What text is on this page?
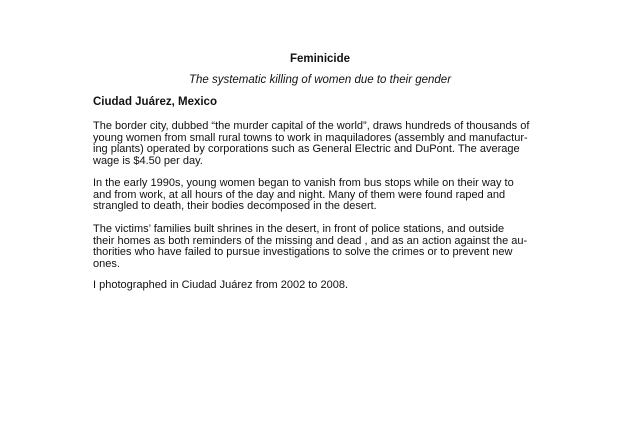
Feminicide
The systematic killing of women due to their gender
Ciudad Juárez, Mexico

The border city, dubbed “the murder capital of the world”, draws hundreds of thousands of
young women from small rural towns to work in maquiladores (assembly and manufactur-
ing plants) operated by corporations such as General Electric and DuPont. The average
wage is $4.50 per day.

In the early 1990s, young women began to vanish from bus stops while on their way to
and from work, at all hours of the day and night. Many of them were found raped and
strangled to death, their bodies decomposed in the desert.

The victims’ families built shrines in the desert, in front of police stations, and outside
their homes as both reminders of the missing and dead , and as an action against the au-
thorities who have failed to pursue investigations to solve the crimes or to prevent new
ones.

I photographed in Ciudad Juárez from 2002 to 2008.
